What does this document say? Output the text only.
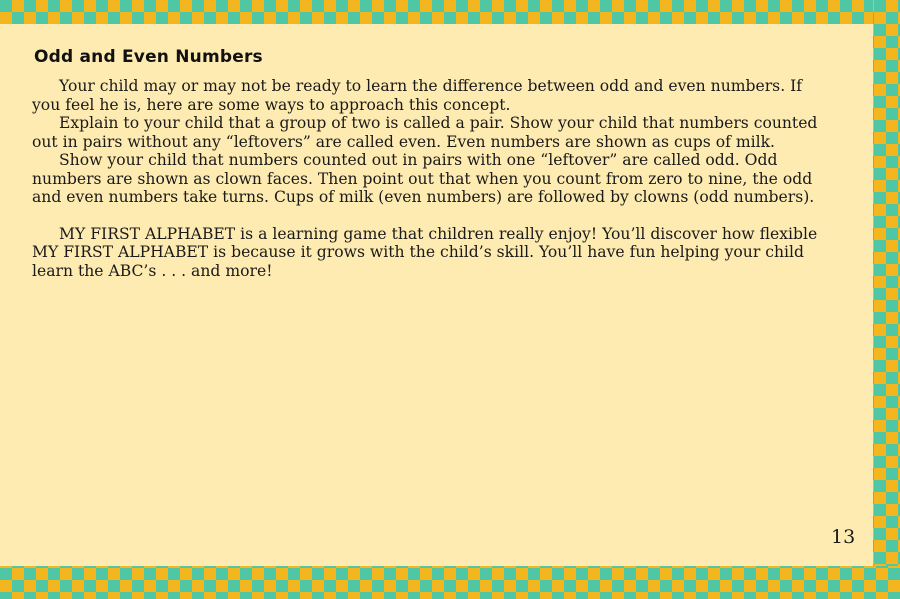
Odd and Even Numbers

Your child may or may not be ready to learn the difference between odd and even numbers. If you feel he is, here are some ways to approach this concept.

Explain to your child that a group of two is called a pair. Show your child that numbers counted out in pairs without any “leftovers” are called even. Even numbers are shown as cups of milk.

Show your child that numbers counted out in pairs with one “leftover” are called odd. Odd numbers are shown as clown faces. Then point out that when you count from zero to nine, the odd and even numbers take turns. Cups of milk (even numbers) are followed by clowns (odd numbers).

MY FIRST ALPHABET is a learning game that children really enjoy! You’ll discover how flexible MY FIRST ALPHABET is because it grows with the child’s skill. You’ll have fun helping your child learn the ABC’s . . . and more!

13
